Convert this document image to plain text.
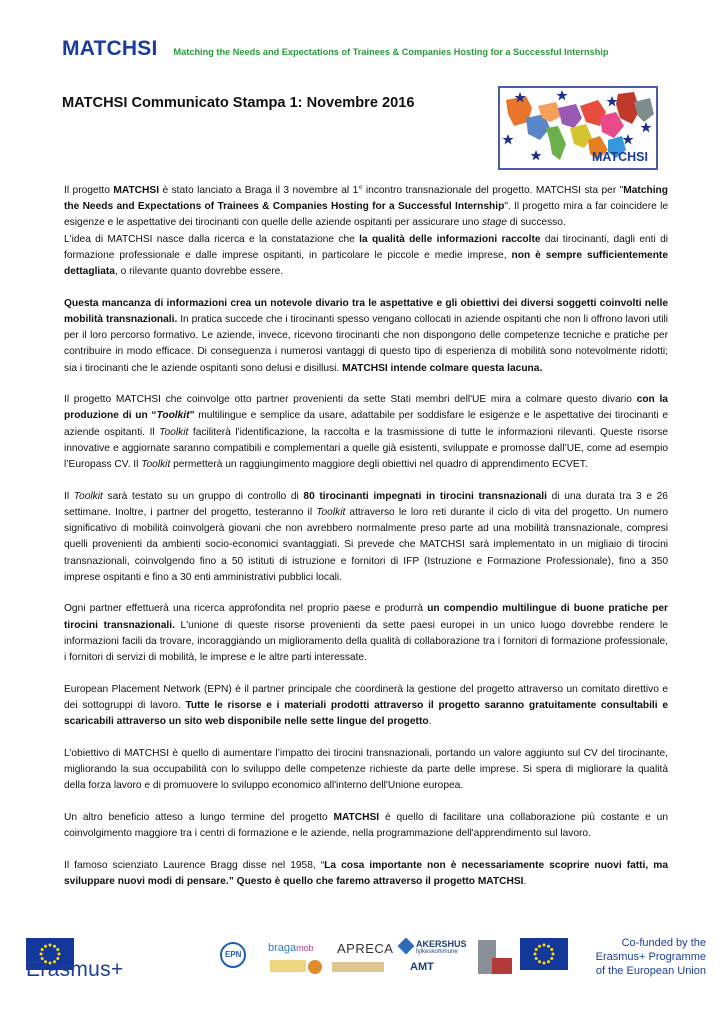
MATCHSI Matching the Needs and Expectations of Trainees & Companies Hosting for a Successful Internship
MATCHSI Communicato Stampa 1: Novembre 2016
MATCHSI

Il progetto MATCHSI è stato lanciato a Braga il 3 novembre al 1° incontro transnazionale del progetto. MATCHSI sta per "Matching the Needs and Expectations of Trainees & Companies Hosting for a Successful Internship". Il progetto mira a far coincidere le esigenze e le aspettative dei tirocinanti con quelle delle aziende ospitanti per assicurare uno stage di successo.

L'idea di MATCHSI nasce dalla ricerca e la constatazione che la qualità delle informazioni raccolte dai tirocinanti, dagli enti di formazione professionale e dalle imprese ospitanti, in particolare le piccole e medie imprese, non è sempre sufficientemente dettagliata, o rilevante quanto dovrebbe essere.

Questa mancanza di informazioni crea un notevole divario tra le aspettative e gli obiettivi dei diversi soggetti coinvolti nelle mobilità transnazionali. In pratica succede che i tirocinanti spesso vengano collocati in aziende ospitanti che non li offrono lavori utili per il loro percorso formativo. Le aziende, invece, ricevono tirocinanti che non dispongono delle competenze tecniche e pratiche per contribuire in modo efficace. Di conseguenza i numerosi vantaggi di questo tipo di esperienza di mobilità sono notevolmente ridotti; sia i tirocinanti che le aziende ospitanti sono delusi e disillusi. MATCHSI intende colmare questa lacuna.

Il progetto MATCHSI che coinvolge otto partner provenienti da sette Stati membri dell'UE mira a colmare questo divario con la produzione di un “Toolkit” multilingue e semplice da usare, adattabile per soddisfare le esigenze e le aspettative dei tirocinanti e aziende ospitanti. Il Toolkit faciliterà l'identificazione, la raccolta e la trasmissione di tutte le informazioni rilevanti. Queste risorse innovative e aggiornate saranno compatibili e complementari a quelle già esistenti, sviluppate e promosse dall’UE, come ad esempio l’Europass CV. Il Toolkit permetterà un raggiungimento maggiore degli obiettivi nel quadro di apprendimento ECVET.

Il Toolkit sarà testato su un gruppo di controllo di 80 tirocinanti impegnati in tirocini transnazionali di una durata tra 3 e 26 settimane. Inoltre, i partner del progetto, testeranno il Toolkit attraverso le loro reti durante il ciclo di vita del progetto. Un numero significativo di mobilità coinvolgerà giovani che non avrebbero normalmente preso parte ad una mobilità transnazionale, compresi quelli provenienti da ambienti socio-economici svantaggiati. Si prevede che MATCHSI sarà implementato in un migliaio di tirocini transnazionali, coinvolgendo fino a 50 istituti di istruzione e fornitori di IFP (Istruzione e Formazione Professionale), fino a 350 imprese ospitanti e fino a 30 enti amministrativi pubblici locali.

Ogni partner effettuerà una ricerca approfondita nel proprio paese e produrrà un compendio multilingue di buone pratiche per tirocini transnazionali. L'unione di queste risorse provenienti da sette paesi europei in un unico luogo dovrebbe rendere le informazioni facili da trovare, incoraggiando un miglioramento della qualità di collaborazione tra i fornitori di formazione professionale, i fornitori di servizi di mobilità, le imprese e le altre parti interessate.

European Placement Network (EPN) è il partner principale che coordinerà la gestione del progetto attraverso un comitato direttivo e dei sottogruppi di lavoro. Tutte le risorse e i materiali prodotti attraverso il progetto saranno gratuitamente consultabili e scaricabili attraverso un sito web disponibile nelle sette lingue del progetto.

L’obiettivo di MATCHSI è quello di aumentare l’impatto dei tirocini transnazionali, portando un valore aggiunto sul CV del tirocinante, migliorando la sua occupabilità con lo sviluppo delle competenze richieste da parte delle imprese. Si spera di migliorare la qualità della forza lavoro e di promuovere lo sviluppo economico all'interno dell'Unione europea.

Un altro beneficio atteso a lungo termine del progetto MATCHSI è quello di facilitare una collaborazione più costante e un coinvolgimento maggiore tra i centri di formazione e le aziende, nella programmazione dell'apprendimento sul lavoro.

Il famoso scienziato Laurence Bragg disse nel 1958, “La cosa importante non è necessariamente scoprire nuovi fatti, ma sviluppare nuovi modi di pensare.” Questo è quello che faremo attraverso il progetto MATCHSI.

Erasmus+
EPN
bragamob APRECA	AKERSHUS
fylkeskommune
AMT
Co-funded by the
Erasmus+ Programme
of the European Union
